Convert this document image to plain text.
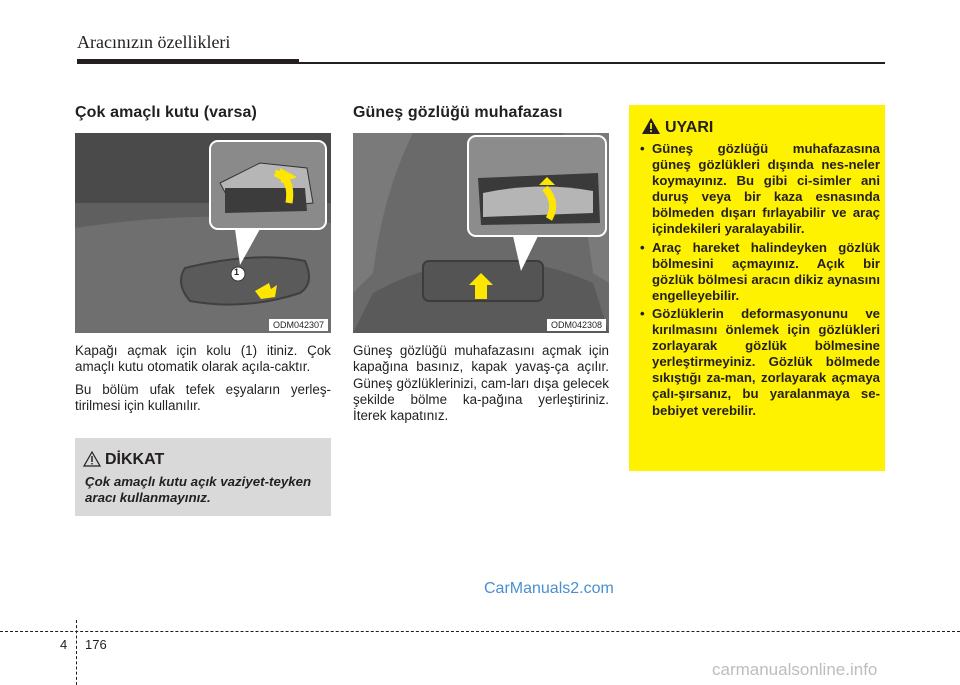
Aracınızın özellikleri
Çok amaçlı kutu (varsa)
ODM042307
1

Kapağı açmak için kolu (1) itiniz. Çok amaçlı kutu otomatik olarak açıla-caktır.

Bu bölüm ufak tefek eşyaların yerleş-tirilmesi için kullanılır.

DİKKAT
Çok amaçlı kutu açık vaziyet-teyken aracı kullanmayınız.
Güneş gözlüğü muhafazası
ODM042308

Güneş gözlüğü muhafazasını açmak için kapağına basınız, kapak yavaş-ça açılır. Güneş gözlüklerinizi, cam-ları dışa gelecek şekilde bölme ka-pağına yerleştiriniz. İterek kapatınız.

UYARI
• Güneş gözlüğü muhafazasına güneş gözlükleri dışında nes-neler koymayınız. Bu gibi ci-simler ani duruş veya bir kaza esnasında bölmeden dışarı fırlayabilir ve araç içindekileri yaralayabilir.
• Araç hareket halindeyken gözlük bölmesini açmayınız. Açık bir gözlük bölmesi aracın dikiz aynasını engelleyebilir.
• Gözlüklerin deformasyonunu ve kırılmasını önlemek için gözlükleri zorlayarak gözlük bölmesine yerleştirmeyiniz. Gözlük bölmede sıkıştığı za-man, zorlayarak açmaya çalı-şırsanız, bu yaralanmaya se-bebiyet verebilir.
CarManuals2.com
4 176
carmanualsonline.info
